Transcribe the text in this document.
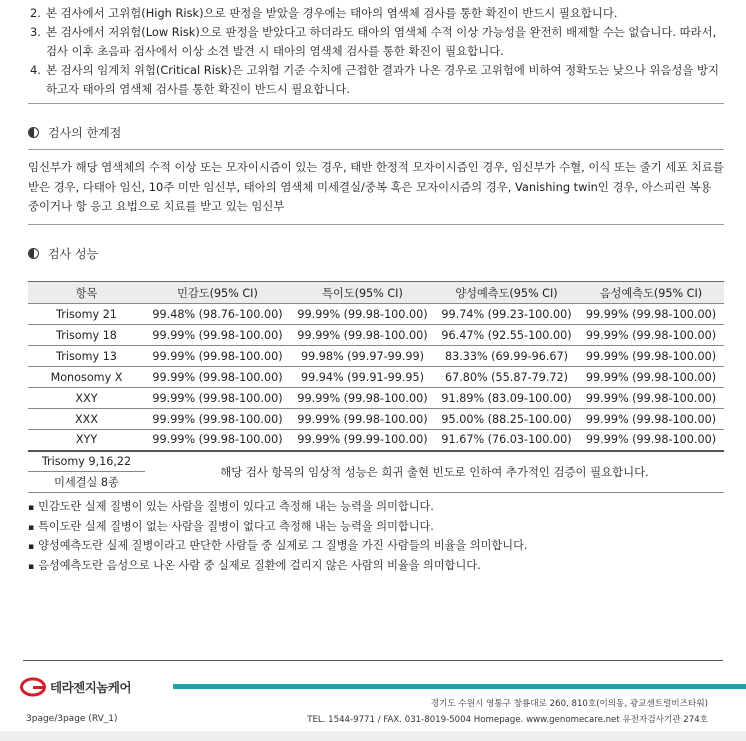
2. 본 검사에서 고위험(High Risk)으로 판정을 받았을 경우에는 태아의 염색체 검사를 통한 확진이 반드시 필요합니다.
3. 본 검사에서 저위험(Low Risk)으로 판정을 받았다고 하더라도 태아의 염색체 수적 이상 가능성을 완전히 배제할 수는 없습니다. 따라서, 검사 이후 초음파 검사에서 이상 소견 발견 시 태아의 염색체 검사를 통한 확진이 필요합니다.
4. 본 검사의 임계치 위험(Critical Risk)은 고위험 기준 수치에 근접한 결과가 나온 경우로 고위험에 비하여 정확도는 낮으나 위음성을 방지하고자 태아의 염색체 검사를 통한 확진이 반드시 필요합니다.
검사의 한계점
임신부가 해당 염색체의 수적 이상 또는 모자이시즘이 있는 경우, 태반 한정적 모자이시즘인 경우, 임신부가 수혈, 이식 또는 줄기 세포 치료를 받은 경우, 다태아 임신, 10주 미만 임신부, 태아의 염색체 미세결실/중복 혹은 모자이시즘의 경우, Vanishing twin인 경우, 아스피린 복용 중이거나 항 응고 요법으로 치료를 받고 있는 임신부
검사 성능
항목	민감도(95% CI)	특이도(95% CI)	양성예측도(95% CI)	음성예측도(95% CI)
Trisomy 21	99.48% (98.76-100.00)	99.99% (99.98-100.00)	99.74% (99.23-100.00)	99.99% (99.98-100.00)
Trisomy 18	99.99% (99.98-100.00)	99.99% (99.98-100.00)	96.47% (92.55-100.00)	99.99% (99.98-100.00)
Trisomy 13	99.99% (99.98-100.00)	99.98% (99.97-99.99)	83.33% (69.99-96.67)	99.99% (99.98-100.00)
Monosomy X	99.99% (99.98-100.00)	99.94% (99.91-99.95)	67.80% (55.87-79.72)	99.99% (99.98-100.00)
XXY	99.99% (99.98-100.00)	99.99% (99.98-100.00)	91.89% (83.09-100.00)	99.99% (99.98-100.00)
XXX	99.99% (99.98-100.00)	99.99% (99.98-100.00)	95.00% (88.25-100.00)	99.99% (99.98-100.00)
XYY	99.99% (99.98-100.00)	99.99% (99.99-100.00)	91.67% (76.03-100.00)	99.99% (99.98-100.00)
Trisomy 9,16,22	해당 검사 항목의 임상적 성능은 희귀 출현 빈도로 인하여 추가적인 검증이 필요합니다.			
미세결실 8종				
▪ 민감도란 실제 질병이 있는 사람을 질병이 있다고 측정해 내는 능력을 의미합니다.
▪ 특이도란 실제 질병이 없는 사람을 질병이 없다고 측정해 내는 능력을 의미합니다.
▪ 양성예측도란 실제 질병이라고 판단한 사람들 중 실제로 그 질병을 가진 사람들의 비율을 의미합니다.
▪ 음성예측도란 음성으로 나온 사람 중 실제로 질환에 걸리지 않은 사람의 비율을 의미합니다.
테라젠지놈케어
경기도 수원시 영통구 창룡대로 260, 810호(이의동, 광교센트럴비즈타워)
TEL. 1544-9771 / FAX. 031-8019-5004 Homepage. www.genomecare.net 유전자검사기관 274호
3page/3page (RV_1)
